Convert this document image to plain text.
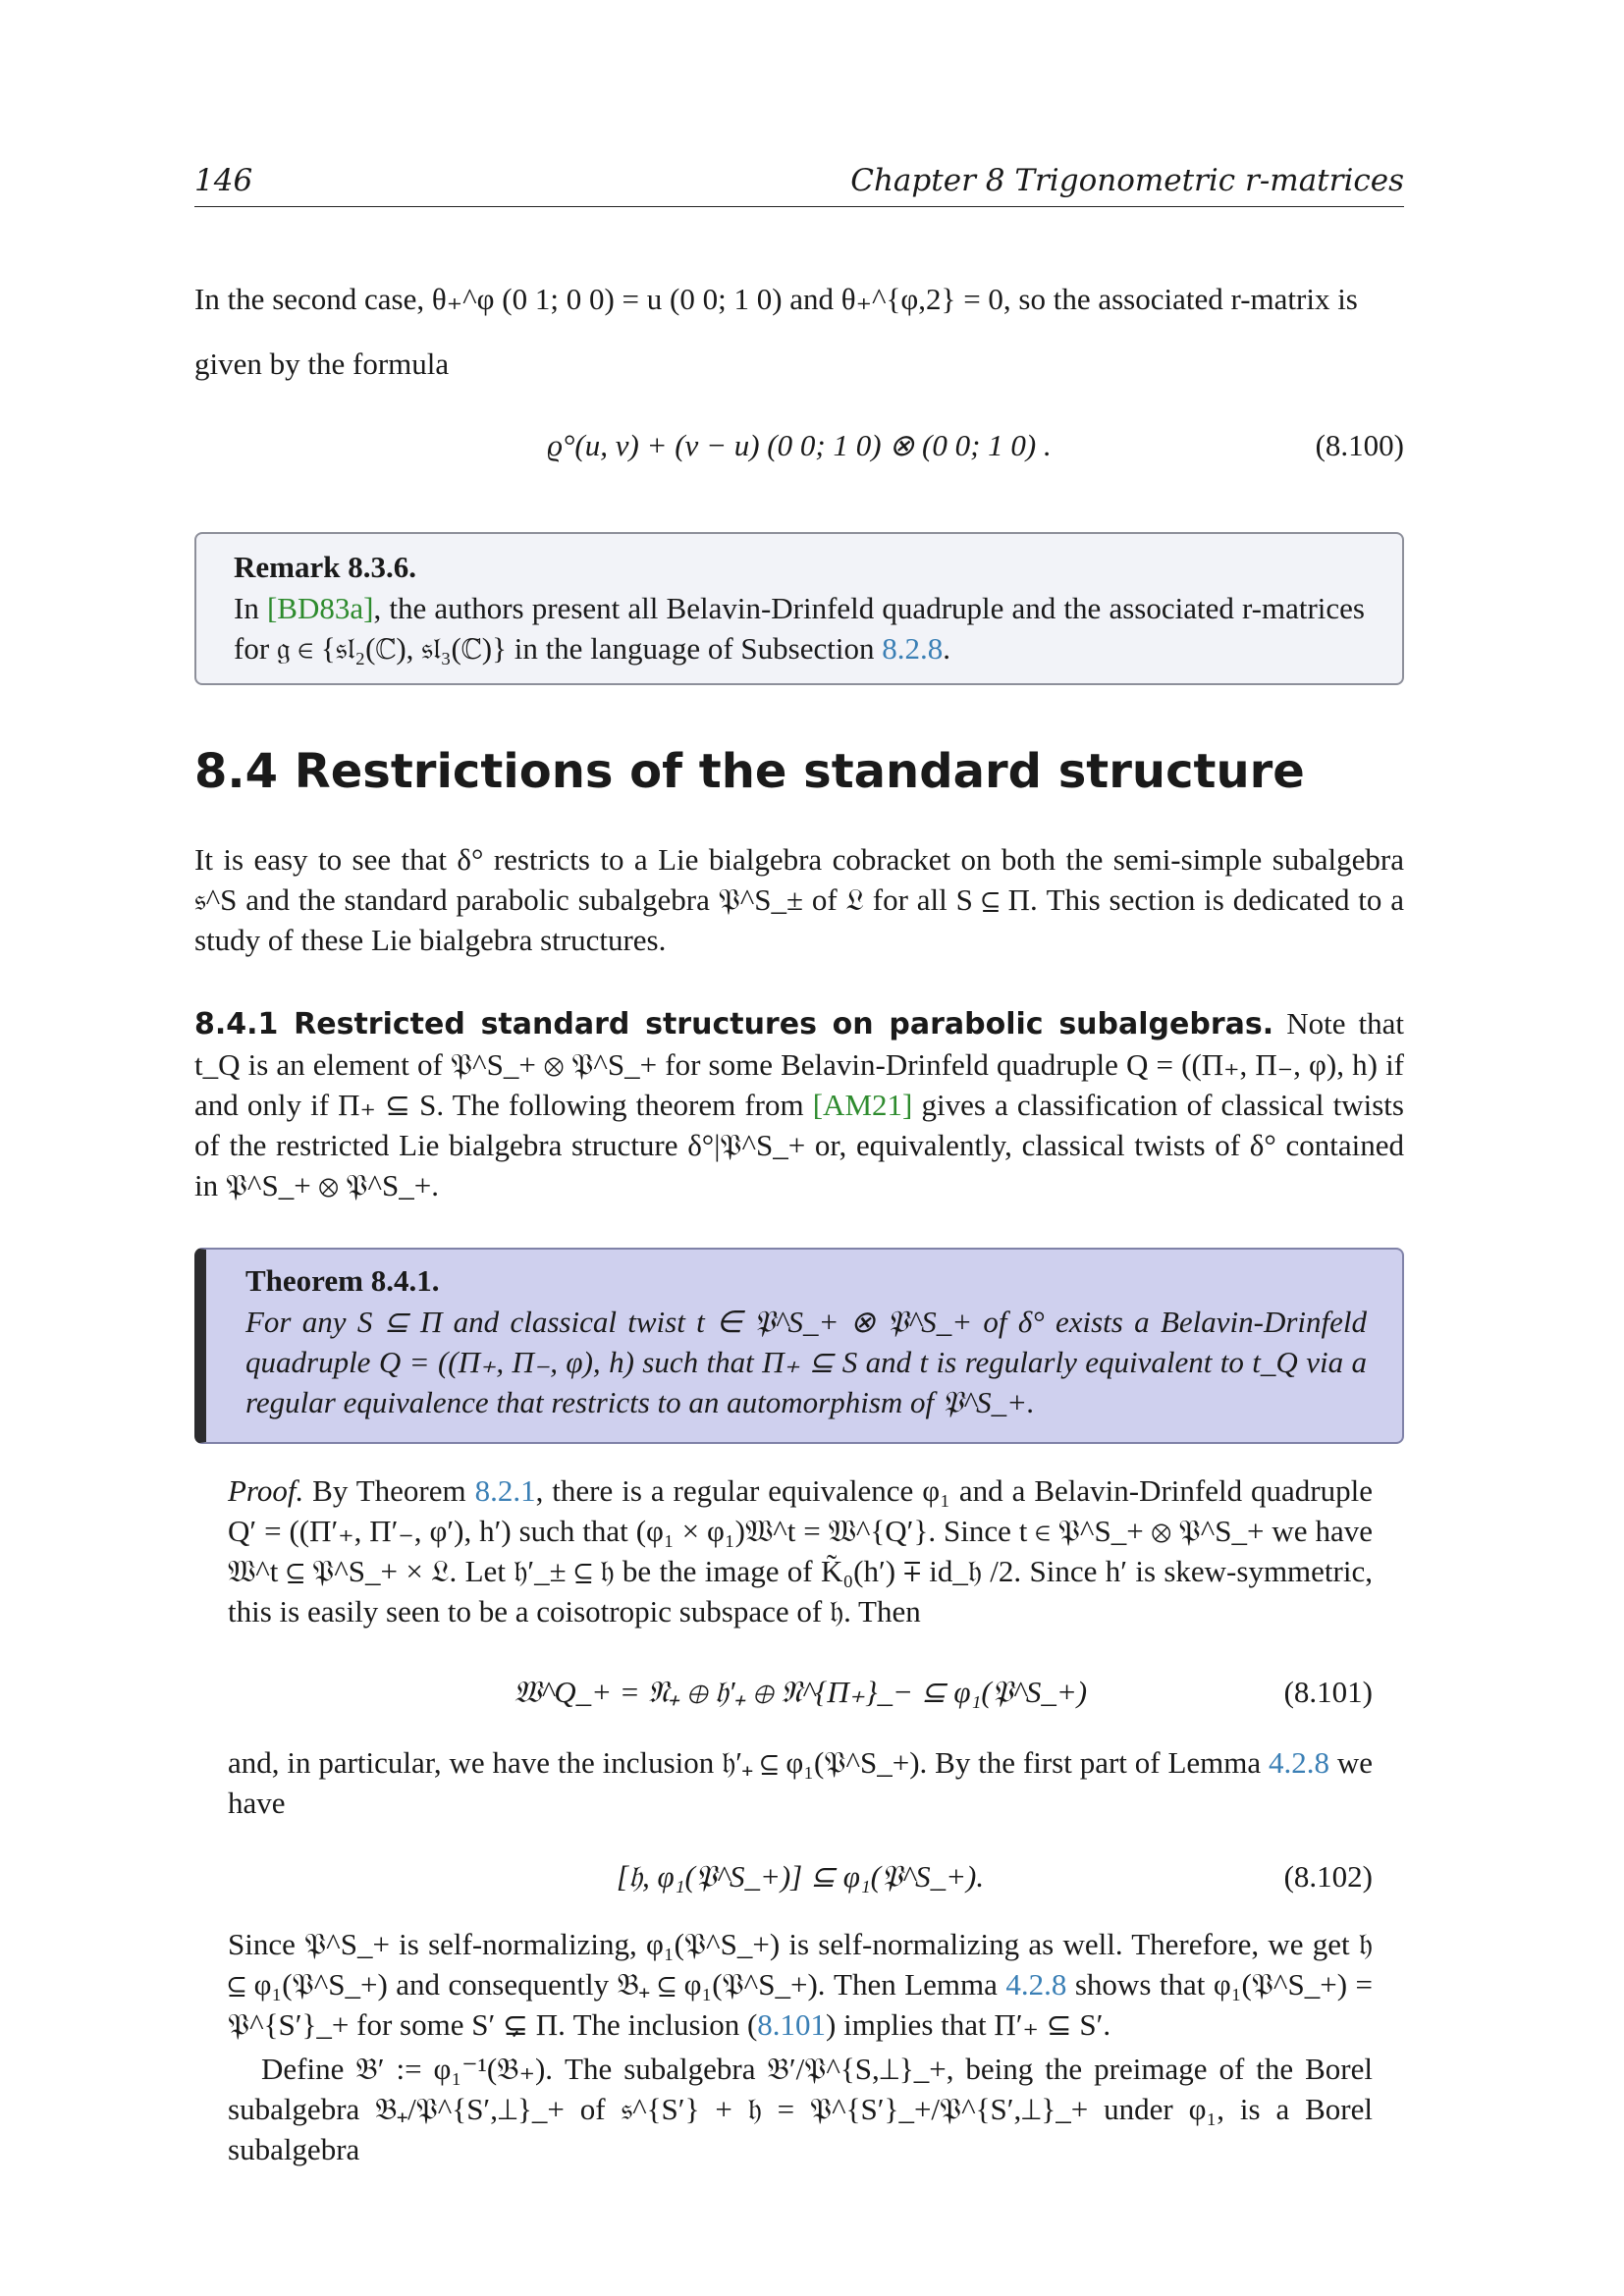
146	Chapter 8 Trigonometric r-matrices
In the second case, θ₊^φ (0 1; 0 0) = u (0 0; 1 0) and θ₊^{φ,2} = 0, so the associated r-matrix is
given by the formula
ϱ°(u, v) + (v − u) (0 0; 1 0) ⊗ (0 0; 1 0) .	(8.100)
Remark 8.3.6.
In [BD83a], the authors present all Belavin-Drinfeld quadruple and the associated r-matrices for 𝔤 ∈ {𝔰𝔩₂(ℂ), 𝔰𝔩₃(ℂ)} in the language of Subsection 8.2.8.
8.4 Restrictions of the standard structure
It is easy to see that δ° restricts to a Lie bialgebra cobracket on both the semi-simple subalgebra 𝔰^S and the standard parabolic subalgebra 𝔓^S_± of 𝔏 for all S ⊆ Π. This section is dedicated to a study of these Lie bialgebra structures.
8.4.1 Restricted standard structures on parabolic subalgebras. Note that t_Q is an element of 𝔓^S_+ ⊗ 𝔓^S_+ for some Belavin-Drinfeld quadruple Q = ((Π₊, Π₋, φ), h) if and only if Π₊ ⊆ S. The following theorem from [AM21] gives a classification of classical twists of the restricted Lie bialgebra structure δ°|𝔓^S_+ or, equivalently, classical twists of δ° contained in 𝔓^S_+ ⊗ 𝔓^S_+.
Theorem 8.4.1.
For any S ⊆ Π and classical twist t ∈ 𝔓^S_+ ⊗ 𝔓^S_+ of δ° exists a Belavin-Drinfeld quadruple Q = ((Π₊, Π₋, φ), h) such that Π₊ ⊆ S and t is regularly equivalent to t_Q via a regular equivalence that restricts to an automorphism of 𝔓^S_+.
Proof. By Theorem 8.2.1, there is a regular equivalence φ₁ and a Belavin-Drinfeld quadruple Q′ = ((Π′₊, Π′₋, φ′), h′) such that (φ₁ × φ₁)𝔚^t = 𝔚^{Q′}. Since t ∈ 𝔓^S_+ ⊗ 𝔓^S_+ we have 𝔚^t ⊆ 𝔓^S_+ × 𝔏. Let 𝔥′_± ⊆ 𝔥 be the image of K̃₀(h′) ∓ id_𝔥 /2. Since h′ is skew-symmetric, this is easily seen to be a coisotropic subspace of 𝔥. Then
𝔚^Q_+ = 𝔑₊ ⊕ 𝔥′₊ ⊕ 𝔑^{Π₊}_− ⊆ φ₁(𝔓^S_+)	(8.101)
and, in particular, we have the inclusion 𝔥′₊ ⊆ φ₁(𝔓^S_+). By the first part of Lemma 4.2.8 we have
[𝔥, φ₁(𝔓^S_+)] ⊆ φ₁(𝔓^S_+).	(8.102)
Since 𝔓^S_+ is self-normalizing, φ₁(𝔓^S_+) is self-normalizing as well. Therefore, we get 𝔥 ⊆ φ₁(𝔓^S_+) and consequently 𝔅₊ ⊆ φ₁(𝔓^S_+). Then Lemma 4.2.8 shows that φ₁(𝔓^S_+) = 𝔓^{S′}_+ for some S′ ⊊ Π. The inclusion (8.101) implies that Π′₊ ⊆ S′.
Define 𝔅′ := φ₁⁻¹(𝔅₊). The subalgebra 𝔅′/𝔓^{S,⊥}_+, being the preimage of the Borel subalgebra 𝔅₊/𝔓^{S′,⊥}_+ of 𝔰^{S′} + 𝔥 = 𝔓^{S′}_+/𝔓^{S′,⊥}_+ under φ₁, is a Borel subalgebra
